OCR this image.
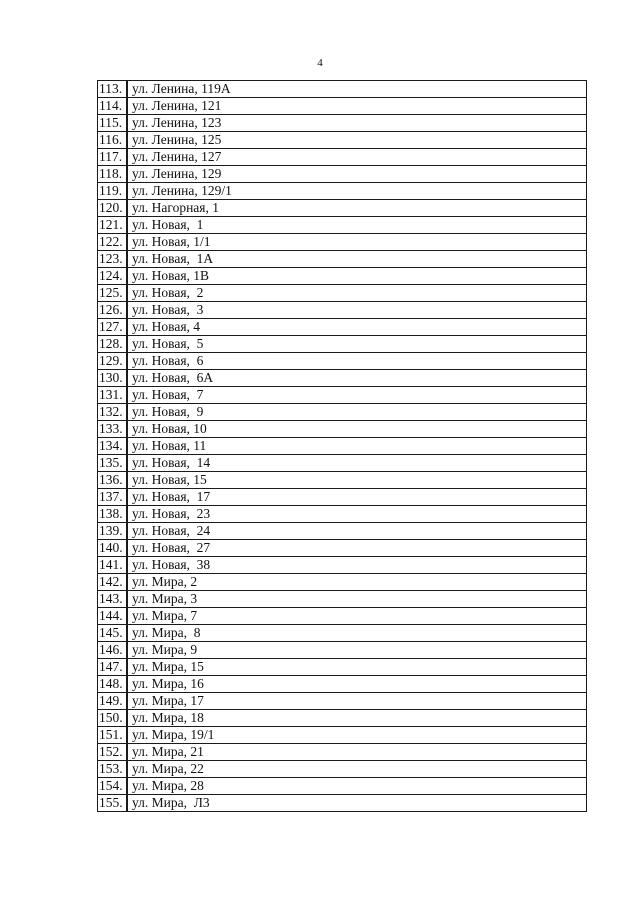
4
113.	ул. Ленина, 119А
114.	ул. Ленина, 121
115.	ул. Ленина, 123
116.	ул. Ленина, 125
117.	ул. Ленина, 127
118.	ул. Ленина, 129
119.	ул. Ленина, 129/1
120.	ул. Нагорная, 1
121.	ул. Новая,  1
122.	ул. Новая, 1/1
123.	ул. Новая,  1А
124.	ул. Новая, 1В
125.	ул. Новая,  2
126.	ул. Новая,  3
127.	ул. Новая, 4
128.	ул. Новая,  5
129.	ул. Новая,  6
130.	ул. Новая,  6А
131.	ул. Новая,  7
132.	ул. Новая,  9
133.	ул. Новая, 10
134.	ул. Новая, 11
135.	ул. Новая,  14
136.	ул. Новая, 15
137.	ул. Новая,  17
138.	ул. Новая,  23
139.	ул. Новая,  24
140.	ул. Новая,  27
141.	ул. Новая,  38
142.	ул. Мира, 2
143.	ул. Мира, 3
144.	ул. Мира, 7
145.	ул. Мира,  8
146.	ул. Мира, 9
147.	ул. Мира, 15
148.	ул. Мира, 16
149.	ул. Мира, 17
150.	ул. Мира, 18
151.	ул. Мира, 19/1
152.	ул. Мира, 21
153.	ул. Мира, 22
154.	ул. Мира, 28
155.	ул. Мира,  Л3
